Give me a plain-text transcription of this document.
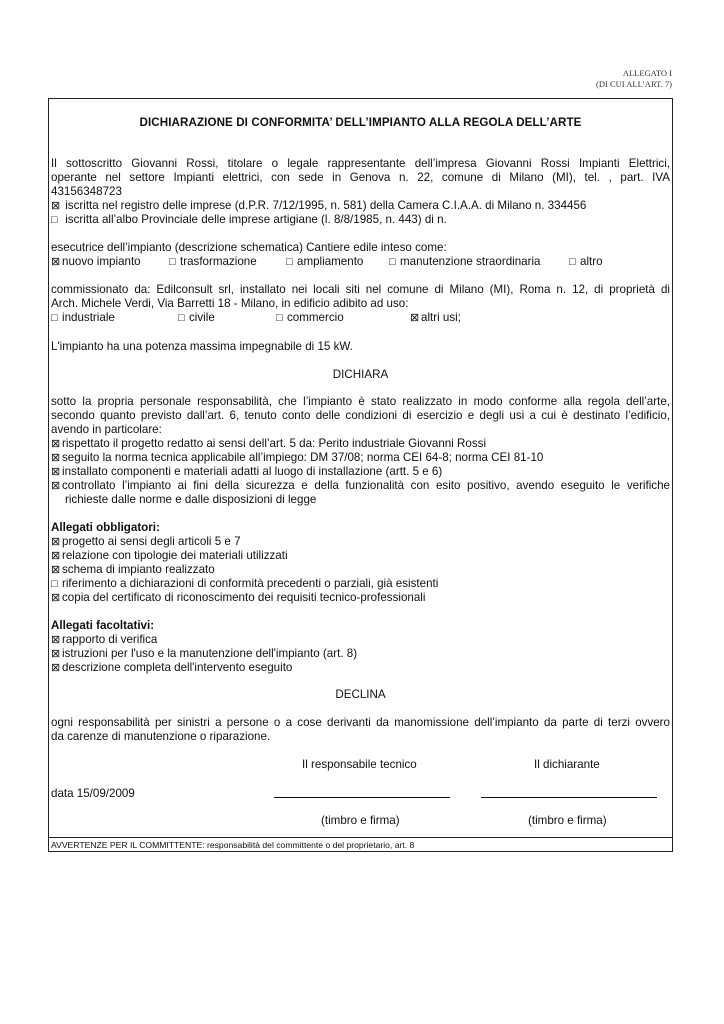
ALLEGATO I
(DI CUI ALL’ART. 7)
DICHIARAZIONE DI CONFORMITA’ DELL’IMPIANTO ALLA REGOLA DELL’ARTE
Il sottoscritto Giovanni Rossi, titolare o legale rappresentante dell’impresa Giovanni Rossi Impianti Elettrici,
operante nel settore Impianti elettrici, con sede in Genova n. 22, comune di Milano (MI), tel. , part. IVA
43156348723
⊠ iscritta nel registro delle imprese (d.P.R. 7/12/1995, n. 581) della Camera C.I.A.A. di Milano n. 334456
□ iscritta all’albo Provinciale delle imprese artigiane (l. 8/8/1985, n. 443) di n.
esecutrice dell’impianto (descrizione schematica) Cantiere edile inteso come:
⊠ nuovo impianto	□ trasformazione	□ ampliamento □ manutenzione straordinaria	□ altro
commissionato da: Edilconsult srl, installato nei locali siti nel comune di Milano (MI), Roma n. 12, di proprietà di
Arch. Michele Verdi, Via Barretti 18 - Milano, in edificio adibito ad uso:
□ industriale	□ civile	□ commercio	⊠ altri usi;
L'impianto ha una potenza massima impegnabile di 15 kW.
DICHIARA
sotto la propria personale responsabilità, che l’impianto è stato realizzato in modo conforme alla regola dell’arte,
secondo quanto previsto dall’art. 6, tenuto conto delle condizioni di esercizio e degli usi a cui è destinato l’edificio,
avendo in particolare:
⊠ rispettato il progetto redatto ai sensi dell’art. 5 da: Perito industriale Giovanni Rossi
⊠ seguito la norma tecnica applicabile all’impiego: DM 37/08; norma CEI 64-8; norma CEI 81-10
⊠ installato componenti e materiali adatti al luogo di installazione (artt. 5 e 6)
⊠ controllato l’impianto ai fini della sicurezza e della funzionalità con esito positivo, avendo eseguito le verifiche
richieste dalle norme e dalle disposizioni di legge
Allegati obbligatori:
⊠ progetto ai sensi degli articoli 5 e 7
⊠ relazione con tipologie dei materiali utilizzati
⊠ schema di impianto realizzato
□ riferimento a dichiarazioni di conformità precedenti o parziali, già esistenti
⊠ copia del certificato di riconoscimento dei requisiti tecnico-professionali
Allegati facoltativi:
⊠ rapporto di verifica
⊠ istruzioni per l'uso e la manutenzione dell'impianto (art. 8)
⊠ descrizione completa dell'intervento eseguito
DECLINA
ogni responsabilità per sinistri a persone o a cose derivanti da manomissione dell’impianto da parte di terzi ovvero
da carenze di manutenzione o riparazione.
Il responsabile tecnico	Il dichiarante
data 15/09/2009
(timbro e firma)	(timbro e firma)
AVVERTENZE PER IL COMMITTENTE: responsabilità del committente o del proprietario, art. 8
